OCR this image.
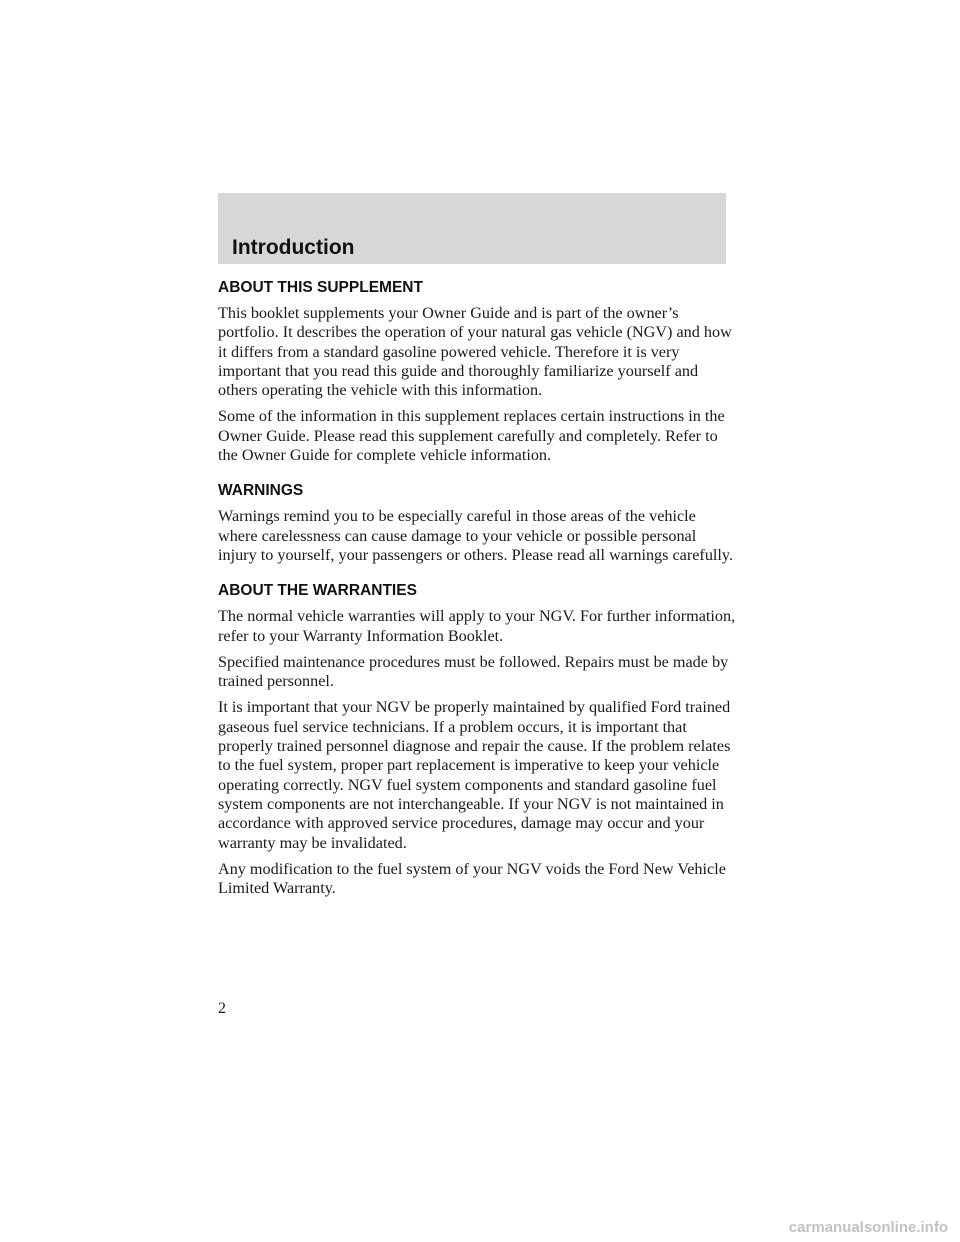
Introduction
ABOUT THIS SUPPLEMENT

This booklet supplements your Owner Guide and is part of the owner’s portfolio. It describes the operation of your natural gas vehicle (NGV) and how it differs from a standard gasoline powered vehicle. Therefore it is very important that you read this guide and thoroughly familiarize yourself and others operating the vehicle with this information.

Some of the information in this supplement replaces certain instructions in the Owner Guide. Please read this supplement carefully and completely. Refer to the Owner Guide for complete vehicle information.

WARNINGS

Warnings remind you to be especially careful in those areas of the vehicle where carelessness can cause damage to your vehicle or possible personal injury to yourself, your passengers or others. Please read all warnings carefully.

ABOUT THE WARRANTIES

The normal vehicle warranties will apply to your NGV. For further information, refer to your Warranty Information Booklet.

Specified maintenance procedures must be followed. Repairs must be made by trained personnel.

It is important that your NGV be properly maintained by qualified Ford trained gaseous fuel service technicians. If a problem occurs, it is important that properly trained personnel diagnose and repair the cause. If the problem relates to the fuel system, proper part replacement is imperative to keep your vehicle operating correctly. NGV fuel system components and standard gasoline fuel system components are not interchangeable. If your NGV is not maintained in accordance with approved service procedures, damage may occur and your warranty may be invalidated.

Any modification to the fuel system of your NGV voids the Ford New Vehicle Limited Warranty.

2

carmanualsonline.info
